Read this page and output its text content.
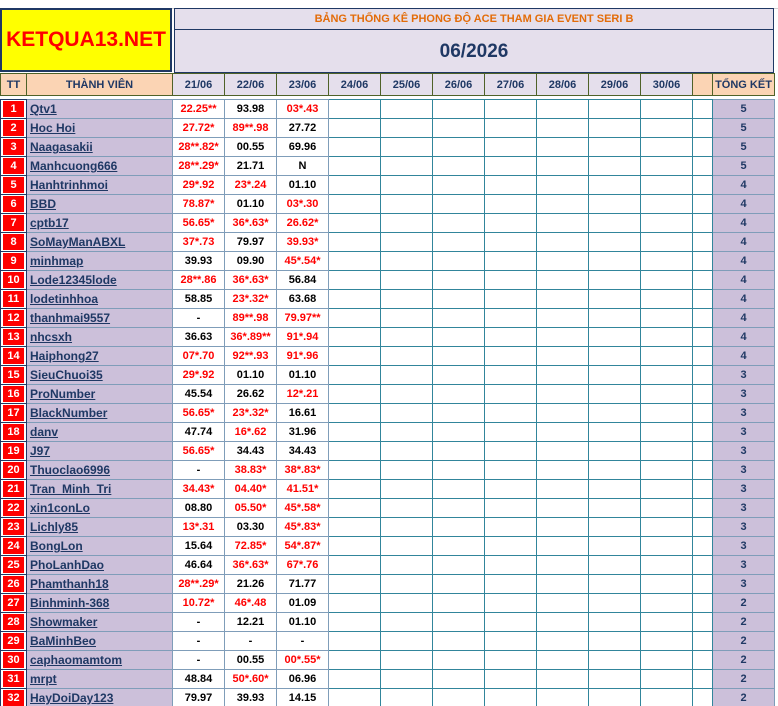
KETQUA13.NET
BẢNG THỐNG KÊ PHONG ĐỘ ACE THAM GIA EVENT SERI B
06/2026
TT	THÀNH VIÊN	21/06	22/06	23/06	24/06	25/06	26/06	27/06	28/06	29/06	30/06		TỔNG KẾT

1	Qtv1	22.25**	93.98	03*.43									5

2	Hoc Hoi	27.72*	89**.98	27.72									5

3	Naagasakii	28**.82*	00.55	69.96									5

4	Manhcuong666	28**.29*	21.71	N									5

5	Hanhtrinhmoi	29*.92	23*.24	01.10									4

6	BBD	78.87*	01.10	03*.30									4

7	cptb17	56.65*	36*.63*	26.62*									4

8	SoMayManABXL	37*.73	79.97	39.93*									4

9	minhmap	39.93	09.90	45*.54*									4

10	Lode12345lode	28**.86	36*.63*	56.84									4

11	lodetinhhoa	58.85	23*.32*	63.68									4

12	thanhmai9557	-	89**.98	79.97**									4

13	nhcsxh	36.63	36*.89**	91*.94									4

14	Haiphong27	07*.70	92**.93	91*.96									4

15	SieuChuoi35	29*.92	01.10	01.10									3

16	ProNumber	45.54	26.62	12*.21									3

17	BlackNumber	56.65*	23*.32*	16.61									3

18	danv	47.74	16*.62	31.96									3

19	J97	56.65*	34.43	34.43									3

20	Thuoclao6996	-	38.83*	38*.83*									3

21	Tran_Minh_Tri	34.43*	04.40*	41.51*									3

22	xin1conLo	08.80	05.50*	45*.58*									3

23	Lichly85	13*.31	03.30	45*.83*									3

24	BongLon	15.64	72.85*	54*.87*									3

25	PhoLanhDao	46.64	36*.63*	67*.76									3

26	Phamthanh18	28**.29*	21.26	71.77									3

27	Binhminh-368	10.72*	46*.48	01.09									2

28	Showmaker	-	12.21	01.10									2

29	BaMinhBeo	-	-	-									2

30	caphaomamtom	-	00.55	00*.55*									2

31	mrpt	48.84	50*.60*	06.96									2

32	HayDoiDay123	79.97	39.93	14.15									2
